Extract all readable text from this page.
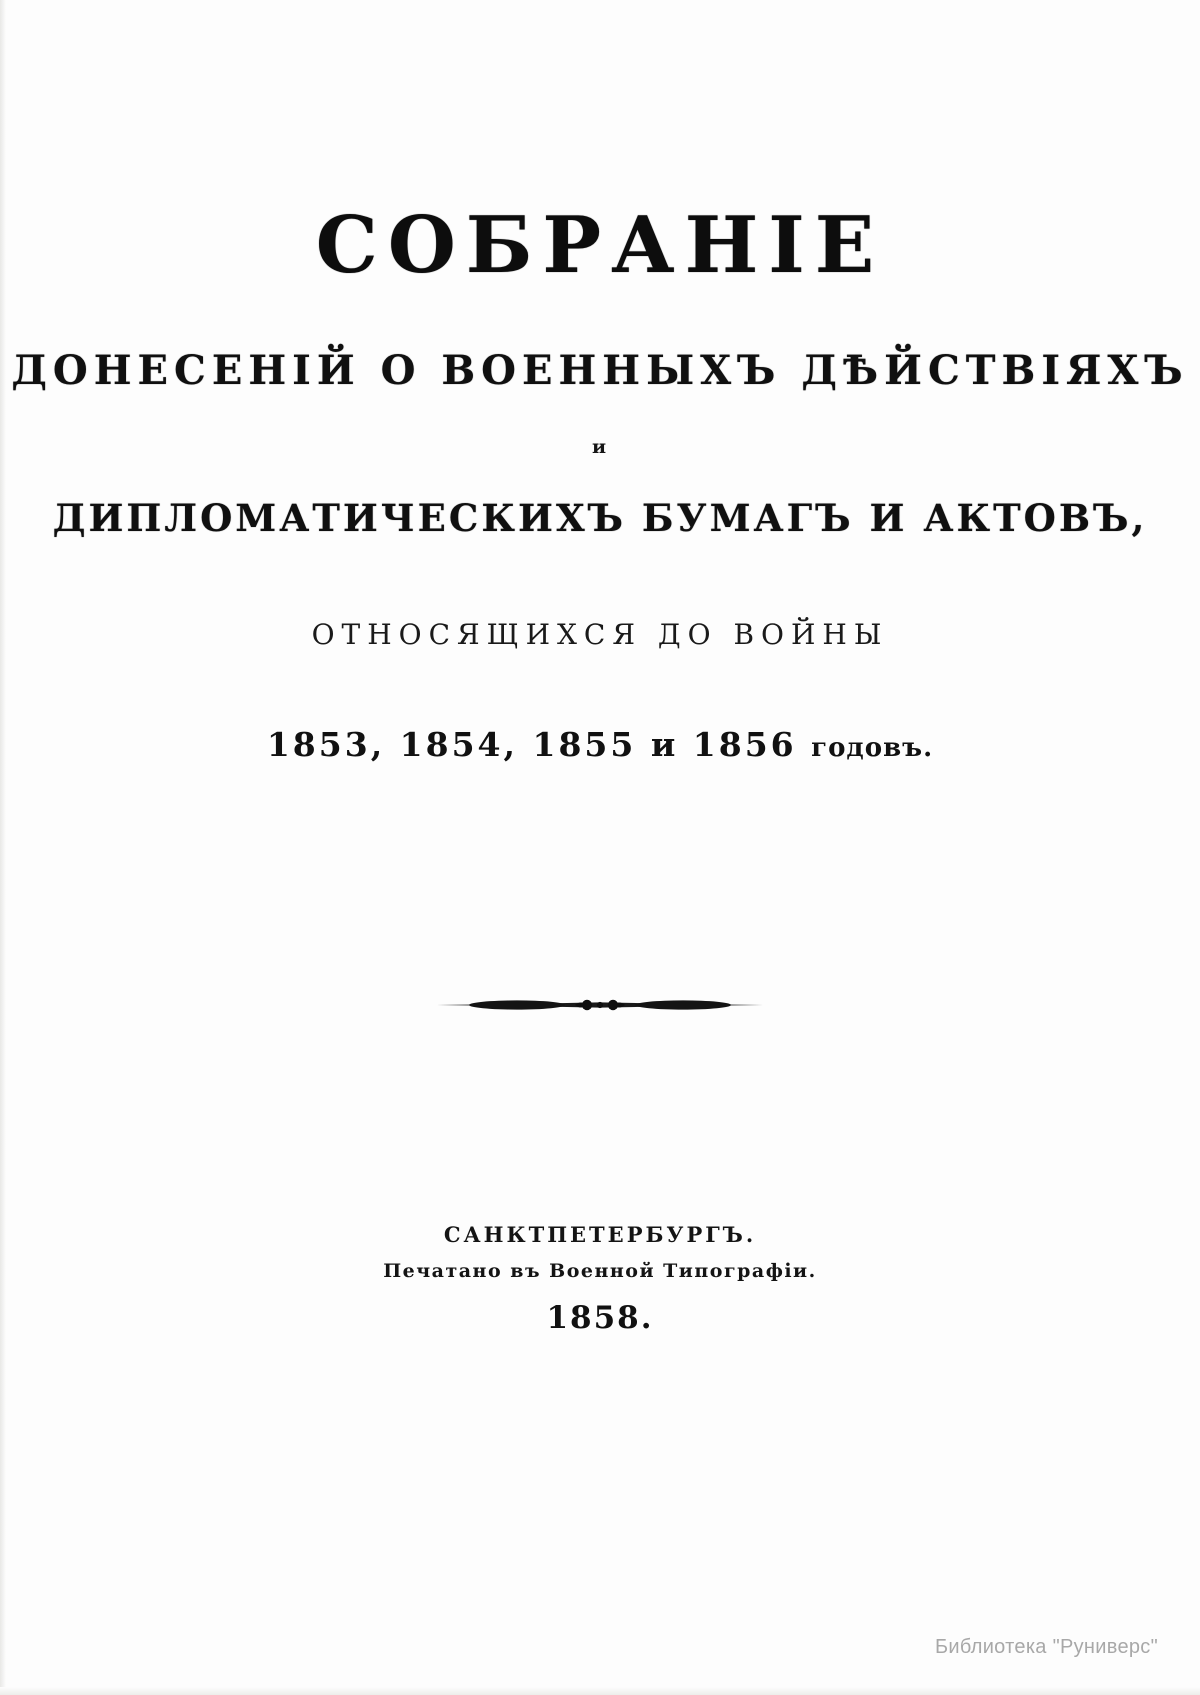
СОБРАНIЕ
ДОНЕСЕНIЙ О ВОЕННЫХЪ ДѢЙСТВIЯХЪ
и
ДИПЛОМАТИЧЕСКИХЪ БУМАГЪ И АКТОВЪ,
ОТНОСЯЩИХСЯ ДО ВОЙНЫ
1853, 1854, 1855 и 1856 годовъ.
САНКТПЕТЕРБУРГЪ.
Печатано въ Военной Типографiи.
1858.
Библиотека "Руниверс"
